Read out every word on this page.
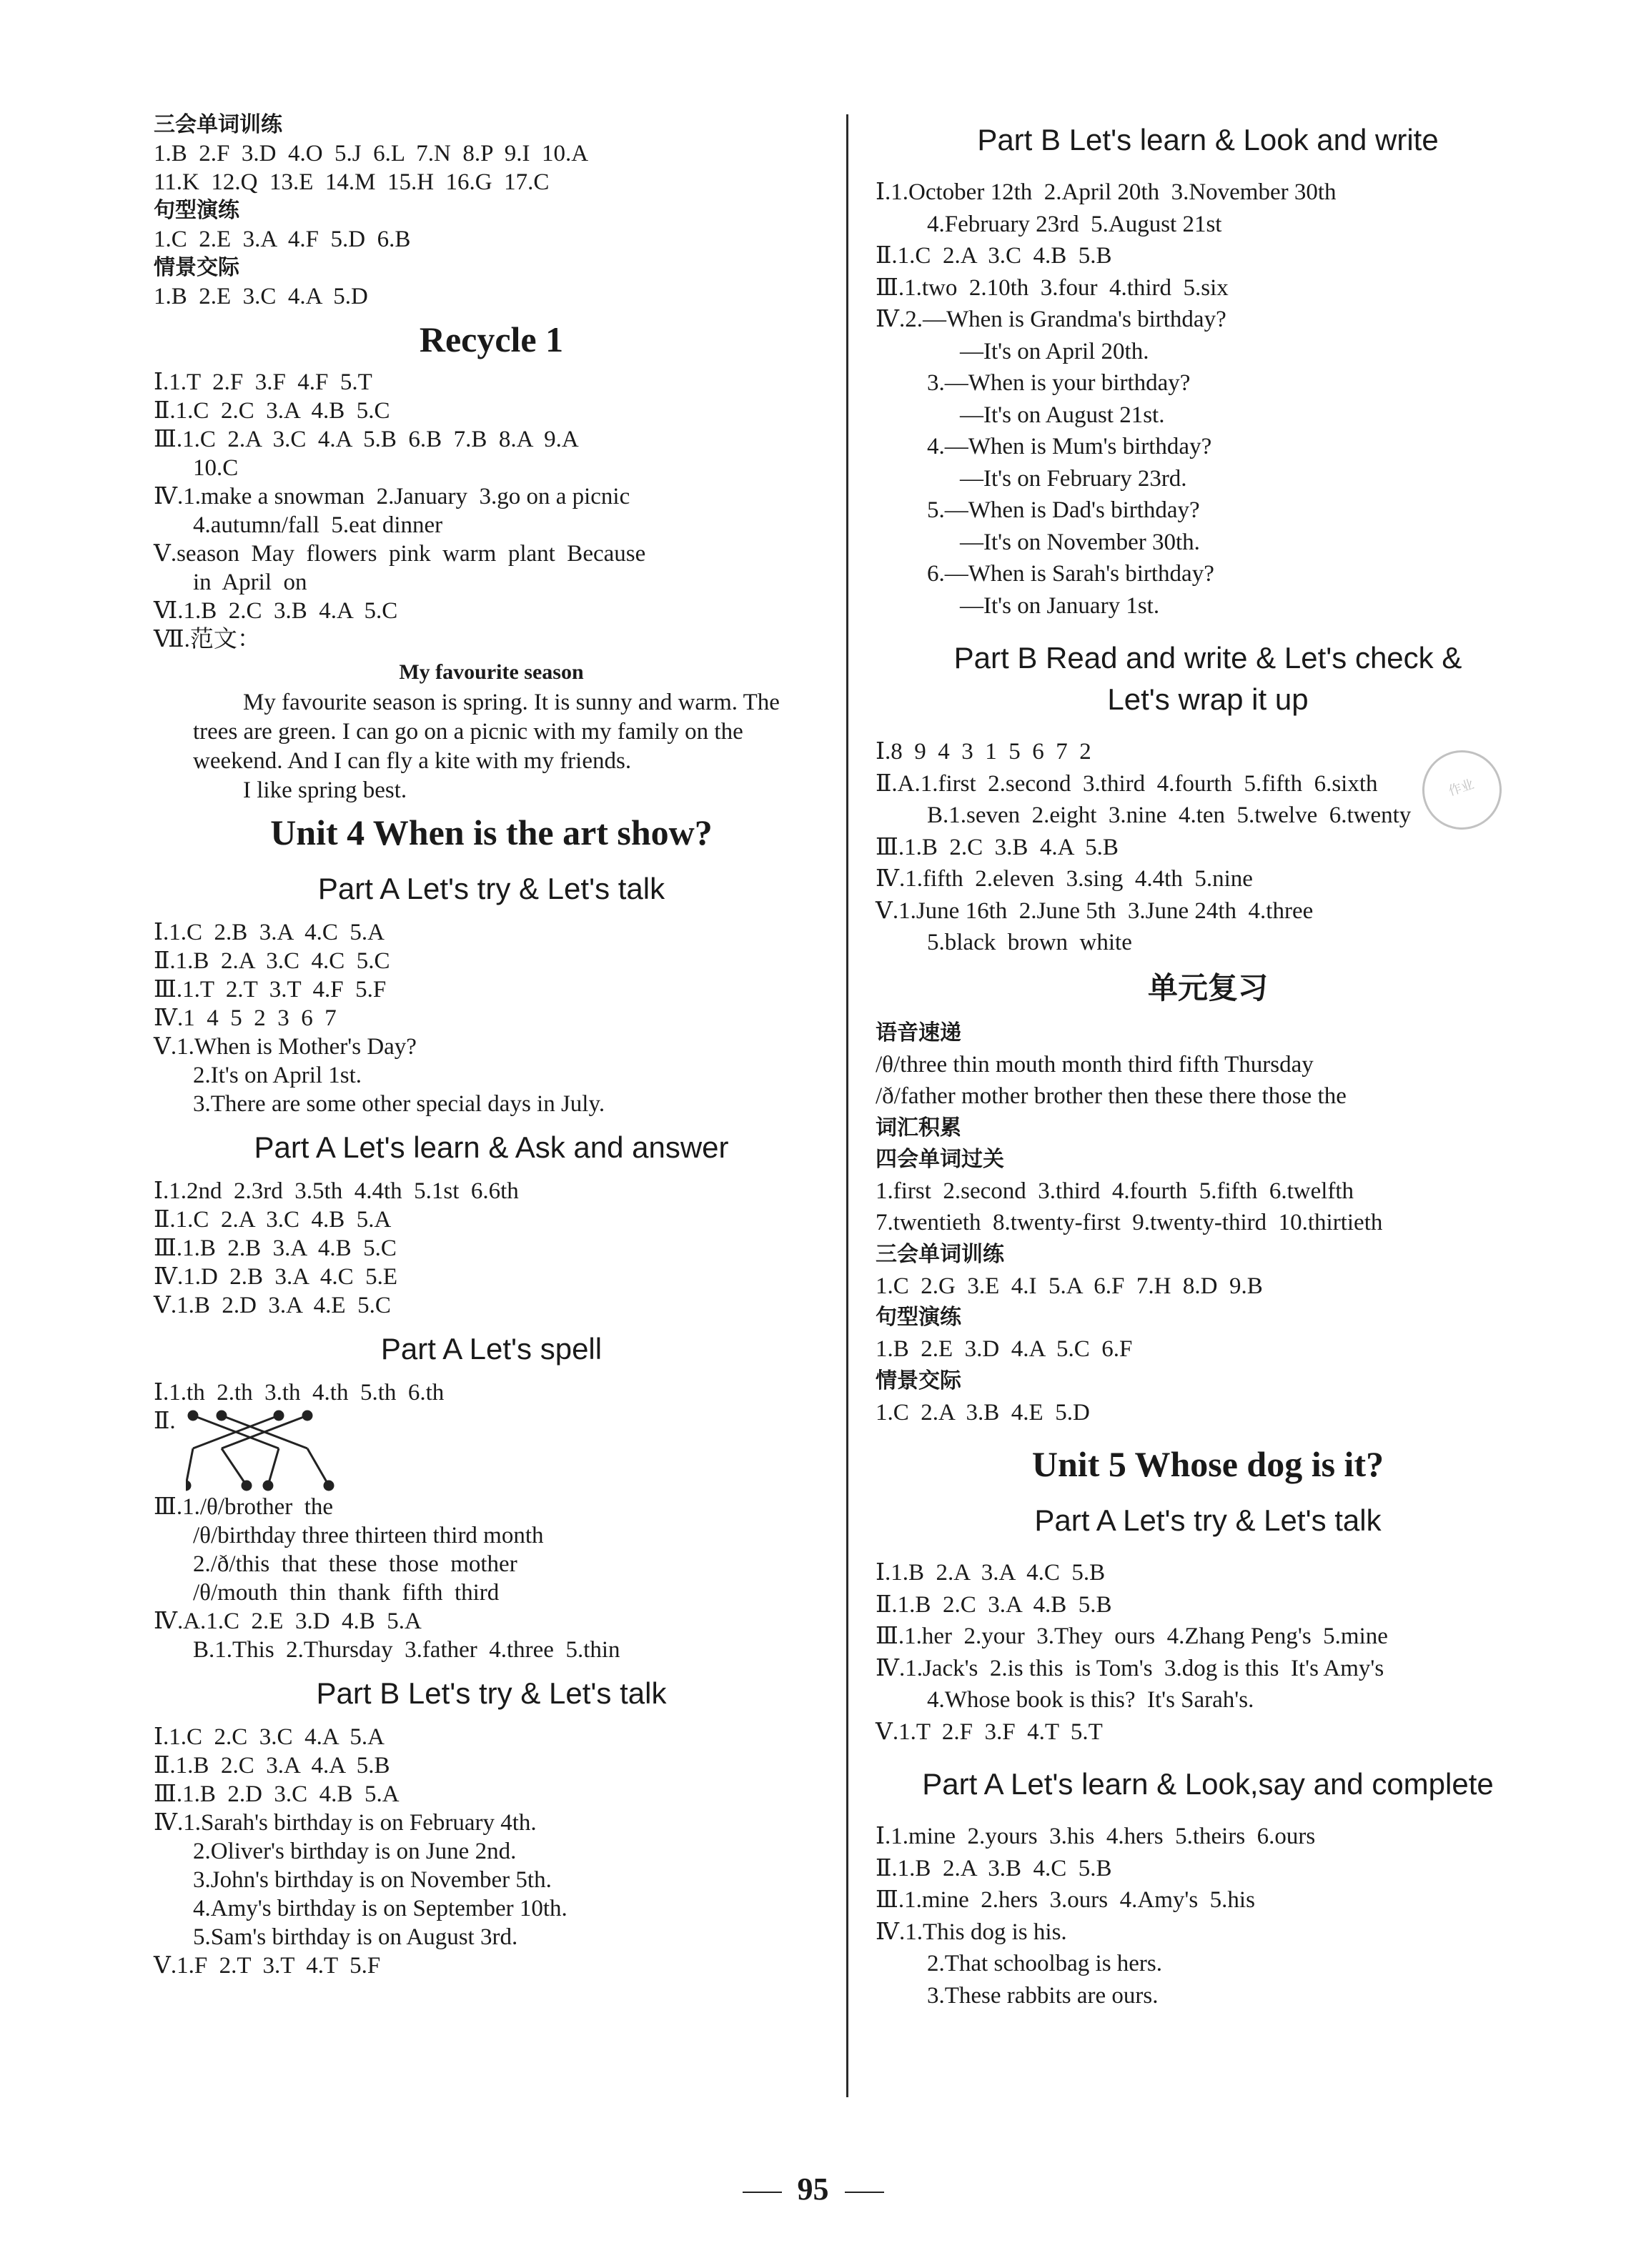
三会单词训练
1.B  2.F  3.D  4.O  5.J  6.L  7.N  8.P  9.I  10.A
11.K  12.Q  13.E  14.M  15.H  16.G  17.C
句型演练
1.C  2.E  3.A  4.F  5.D  6.B
情景交际
1.B  2.E  3.C  4.A  5.D
Recycle 1
Ⅰ.1.T  2.F  3.F  4.F  5.T
Ⅱ.1.C  2.C  3.A  4.B  5.C
Ⅲ.1.C  2.A  3.C  4.A  5.B  6.B  7.B  8.A  9.A
10.C
Ⅳ.1.make a snowman  2.January  3.go on a picnic
4.autumn/fall  5.eat dinner
Ⅴ.season  May  flowers  pink  warm  plant  Because
in  April  on
Ⅵ.1.B  2.C  3.B  4.A  5.C
Ⅶ.范文：
My favourite season

My favourite season is spring. It is sunny and warm. The trees are green. I can go on a picnic with my family on the weekend. And I can fly a kite with my friends.

I like spring best.

Unit 4 When is the art show?
Part A Let's try & Let's talk
Ⅰ.1.C  2.B  3.A  4.C  5.A
Ⅱ.1.B  2.A  3.C  4.C  5.C
Ⅲ.1.T  2.T  3.T  4.F  5.F
Ⅳ.1  4  5  2  3  6  7
Ⅴ.1.When is Mother's Day?
2.It's on April 1st.
3.There are some other special days in July.
Part A Let's learn & Ask and answer
Ⅰ.1.2nd  2.3rd  3.5th  4.4th  5.1st  6.6th
Ⅱ.1.C  2.A  3.C  4.B  5.A
Ⅲ.1.B  2.B  3.A  4.B  5.C
Ⅳ.1.D  2.B  3.A  4.C  5.E
Ⅴ.1.B  2.D  3.A  4.E  5.C
Part A Let's spell
Ⅰ.1.th  2.th  3.th  4.th  5.th  6.th
Ⅱ.
Ⅲ.1./θ/brother  the
/θ/birthday three thirteen third month
2./ð/this  that  these  those  mother
/θ/mouth  thin  thank  fifth  third
Ⅳ.A.1.C  2.E  3.D  4.B  5.A
B.1.This  2.Thursday  3.father  4.three  5.thin
Part B Let's try & Let's talk
Ⅰ.1.C  2.C  3.C  4.A  5.A
Ⅱ.1.B  2.C  3.A  4.A  5.B
Ⅲ.1.B  2.D  3.C  4.B  5.A
Ⅳ.1.Sarah's birthday is on February 4th.
2.Oliver's birthday is on June 2nd.
3.John's birthday is on November 5th.
4.Amy's birthday is on September 10th.
5.Sam's birthday is on August 3rd.
Ⅴ.1.F  2.T  3.T  4.T  5.F
Part B Let's learn & Look and write
Ⅰ.1.October 12th  2.April 20th  3.November 30th
4.February 23rd  5.August 21st
Ⅱ.1.C  2.A  3.C  4.B  5.B
Ⅲ.1.two  2.10th  3.four  4.third  5.six
Ⅳ.2.—When is Grandma's birthday?
—It's on April 20th.
3.—When is your birthday?
—It's on August 21st.
4.—When is Mum's birthday?
—It's on February 23rd.
5.—When is Dad's birthday?
—It's on November 30th.
6.—When is Sarah's birthday?
—It's on January 1st.
Part B Read and write & Let's check &
Let's wrap it up
Ⅰ.8  9  4  3  1  5  6  7  2
Ⅱ.A.1.first  2.second  3.third  4.fourth  5.fifth  6.sixth
B.1.seven  2.eight  3.nine  4.ten  5.twelve  6.twenty
Ⅲ.1.B  2.C  3.B  4.A  5.B
Ⅳ.1.fifth  2.eleven  3.sing  4.4th  5.nine
Ⅴ.1.June 16th  2.June 5th  3.June 24th  4.three
5.black  brown  white
单元复习
语音速递
/θ/three thin mouth month third fifth Thursday
/ð/father mother brother then these there those the
词汇积累
四会单词过关
1.first  2.second  3.third  4.fourth  5.fifth  6.twelfth
7.twentieth  8.twenty-first  9.twenty-third  10.thirtieth
三会单词训练
1.C  2.G  3.E  4.I  5.A  6.F  7.H  8.D  9.B
句型演练
1.B  2.E  3.D  4.A  5.C  6.F
情景交际
1.C  2.A  3.B  4.E  5.D
Unit 5 Whose dog is it?
Part A Let's try & Let's talk
Ⅰ.1.B  2.A  3.A  4.C  5.B
Ⅱ.1.B  2.C  3.A  4.B  5.B
Ⅲ.1.her  2.your  3.They  ours  4.Zhang Peng's  5.mine
Ⅳ.1.Jack's  2.is this  is Tom's  3.dog is this  It's Amy's
4.Whose book is this?  It's Sarah's.
Ⅴ.1.T  2.F  3.F  4.T  5.T
Part A Let's learn & Look,say and complete
Ⅰ.1.mine  2.yours  3.his  4.hers  5.theirs  6.ours
Ⅱ.1.B  2.A  3.B  4.C  5.B
Ⅲ.1.mine  2.hers  3.ours  4.Amy's  5.his
Ⅳ.1.This dog is his.
2.That schoolbag is hers.
3.These rabbits are ours.
作业
95
